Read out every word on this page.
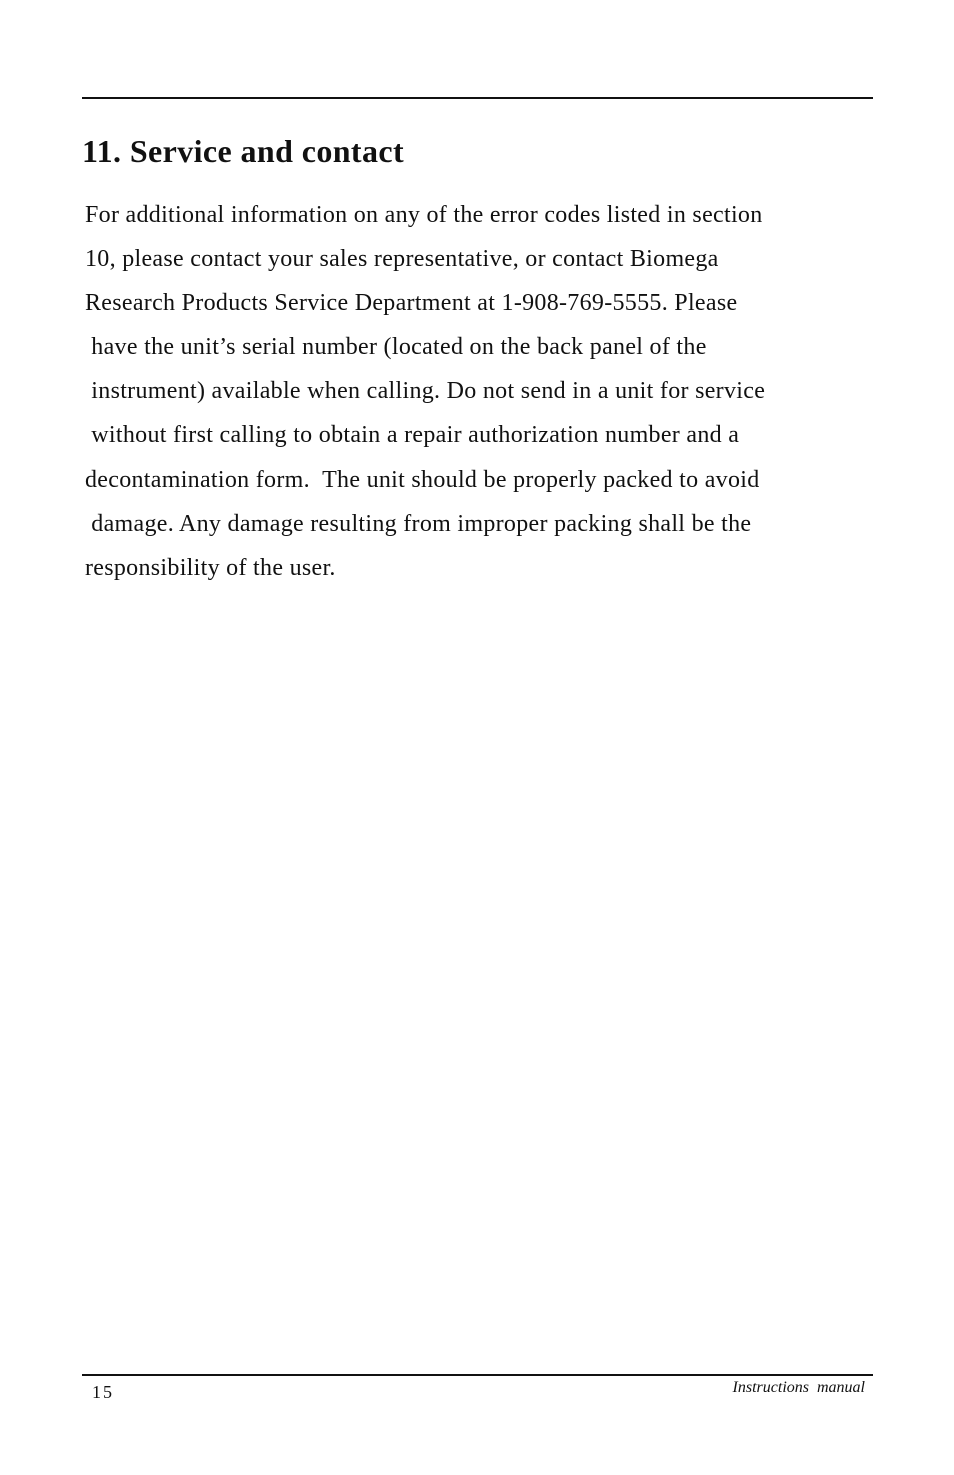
11. Service and contact
For additional information on any of the error codes listed in section
10, please contact your sales representative, or contact Biomega
Research Products Service Department at 1-908-769-5555. Please
have the unit’s serial number (located on the back panel of the
instrument) available when calling. Do not send in a unit for service
without first calling to obtain a repair authorization number and a
decontamination form.  The unit should be properly packed to avoid
damage. Any damage resulting from improper packing shall be the
responsibility of the user.
15	Instructions  manual
